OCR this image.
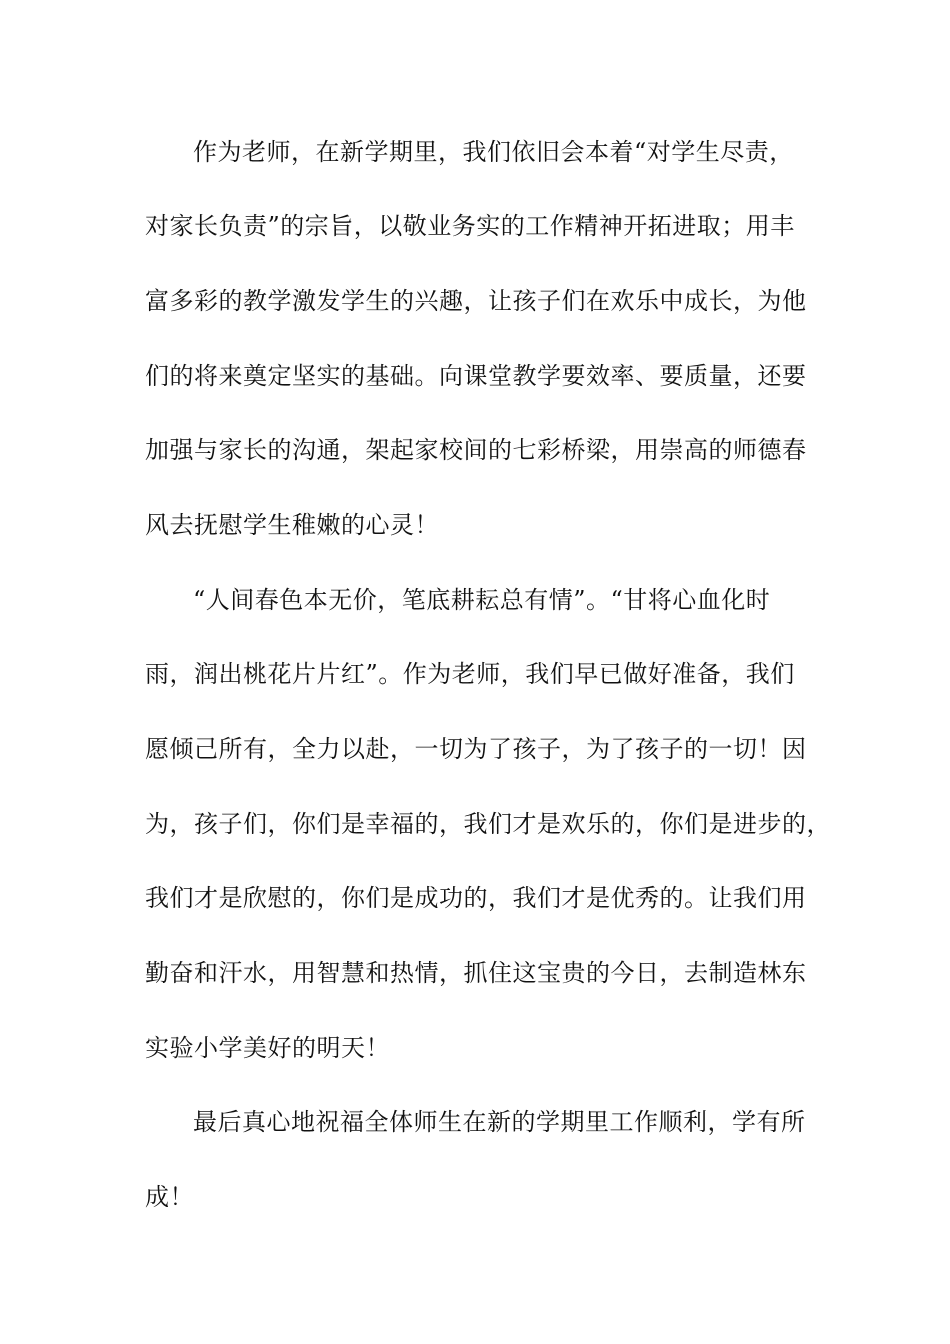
作为老师，在新学期里，我们依旧会本着“对学生尽责，
对家长负责”的宗旨，以敬业务实的工作精神开拓进取；用丰
富多彩的教学激发学生的兴趣，让孩子们在欢乐中成长，为他
们的将来奠定坚实的基础。向课堂教学要效率、要质量，还要
加强与家长的沟通，架起家校间的七彩桥梁，用崇高的师德春
风去抚慰学生稚嫩的心灵！
“人间春色本无价，笔底耕耘总有情”。“甘将心血化时
雨，润出桃花片片红”。作为老师，我们早已做好准备，我们
愿倾己所有，全力以赴，一切为了孩子，为了孩子的一切！因
为，孩子们，你们是幸福的，我们才是欢乐的，你们是进步的，
我们才是欣慰的，你们是成功的，我们才是优秀的。让我们用
勤奋和汗水，用智慧和热情，抓住这宝贵的今日，去制造林东
实验小学美好的明天！
最后真心地祝福全体师生在新的学期里工作顺利，学有所
成！
